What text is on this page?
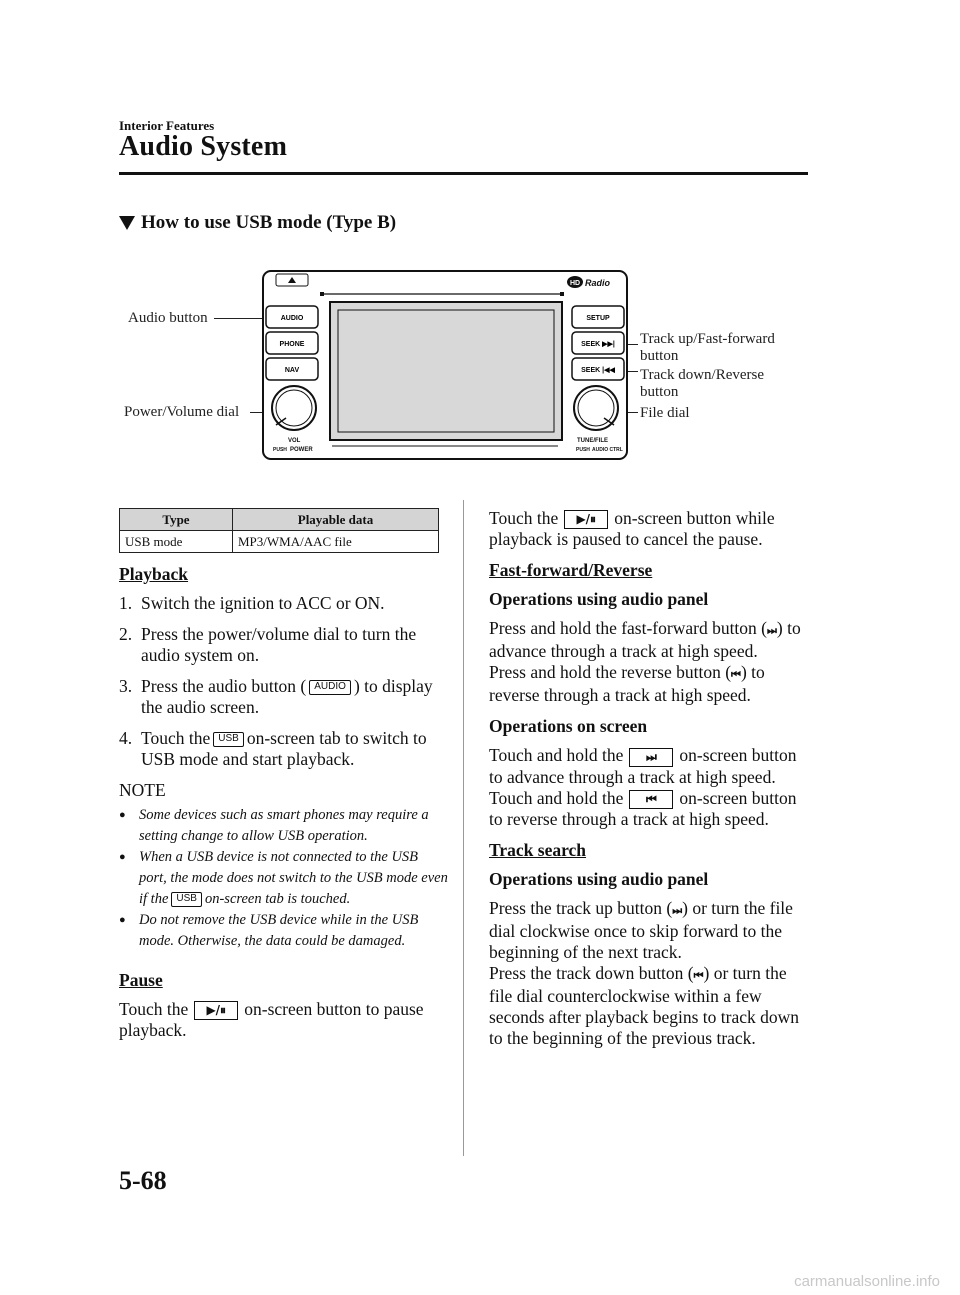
Interior Features
Audio System
How to use USB mode (Type B)
Audio button
Power/Volume dial
Track up/Fast-forward
button
Track down/Reverse
button
File dial
HD Radio
AUDIO
PHONE
NAV
SETUP
SEEK ▶▶|
SEEK |◀◀
VOL
PUSH POWER
TUNE/FILE
PUSH AUDIO CTRL
Type	Playable data
USB mode	MP3/WMA/AAC file
Playback
1. Switch the ignition to ACC or ON.
2. Press the power/volume dial to turn the audio system on.
3. Press the audio button ( AUDIO ) to display the audio screen.
4. Touch the USB on-screen tab to switch to USB mode and start playback.
NOTE
● Some devices such as smart phones may require a setting change to allow USB operation.
● When a USB device is not connected to the USB port, the mode does not switch to the USB mode even if the USB on-screen tab is touched.
● Do not remove the USB device while in the USB mode. Otherwise, the data could be damaged.
Pause

Touch the	▶/⏸	on-screen button to pause playback.

Touch the	▶/⏸	on-screen button while playback is paused to cancel the pause.

Fast-forward/Reverse
Operations using audio panel

Press and hold the fast-forward button (⏭) to advance through a track at high speed.
Press and hold the reverse button (⏮) to reverse through a track at high speed.

Operations on screen

Touch and hold the	⏭	on-screen button to advance through a track at high speed.
Touch and hold the	⏮	on-screen button to reverse through a track at high speed.

Track search
Operations using audio panel

Press the track up button (⏭) or turn the file dial clockwise once to skip forward to the beginning of the next track.
Press the track down button (⏮) or turn the file dial counterclockwise within a few seconds after playback begins to track down to the beginning of the previous track.

5-68
carmanualsonline.info
